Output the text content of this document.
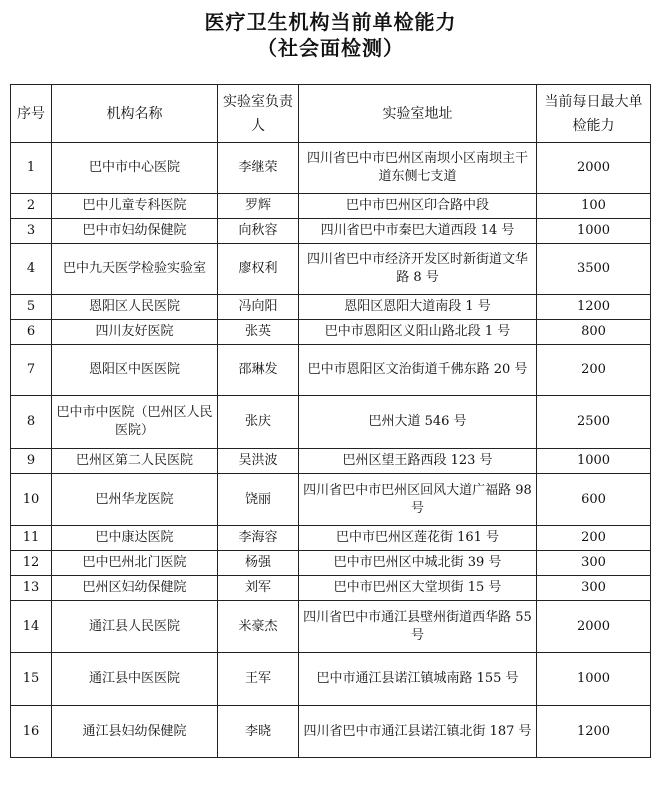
医疗卫生机构当前单检能力
（社会面检测）
序号	机构名称	实验室负责人	实验室地址	当前每日最大单检能力
1	巴中市中心医院	李继荣	四川省巴中市巴州区南坝小区南坝主干道东侧七支道	2000
2	巴中儿童专科医院	罗辉	巴中市巴州区印合路中段	100
3	巴中市妇幼保健院	向秋容	四川省巴中市秦巴大道西段 14 号	1000
4	巴中九天医学检验实验室	廖权利	四川省巴中市经济开发区时新街道文华路 8 号	3500
5	恩阳区人民医院	冯向阳	恩阳区恩阳大道南段 1 号	1200
6	四川友好医院	张英	巴中市恩阳区义阳山路北段 1 号	800
7	恩阳区中医医院	邵琳发	巴中市恩阳区文治街道千佛东路 20 号	200
8	巴中市中医院（巴州区人民医院）	张庆	巴州大道 546 号	2500
9	巴州区第二人民医院	吴洪波	巴州区望王路西段 123 号	1000
10	巴州华龙医院	饶丽	四川省巴中市巴州区回风大道广福路 98 号	600
11	巴中康达医院	李海容	巴中市巴州区莲花街 161 号	200
12	巴中巴州北门医院	杨强	巴中市巴州区中城北街 39 号	300
13	巴州区妇幼保健院	刘军	巴中市巴州区大堂坝街 15 号	300
14	通江县人民医院	米豪杰	四川省巴中市通江县壁州街道西华路 55 号	2000
15	通江县中医医院	王军	巴中市通江县诺江镇城南路 155 号	1000
16	通江县妇幼保健院	李晓	四川省巴中市通江县诺江镇北街 187 号	1200
